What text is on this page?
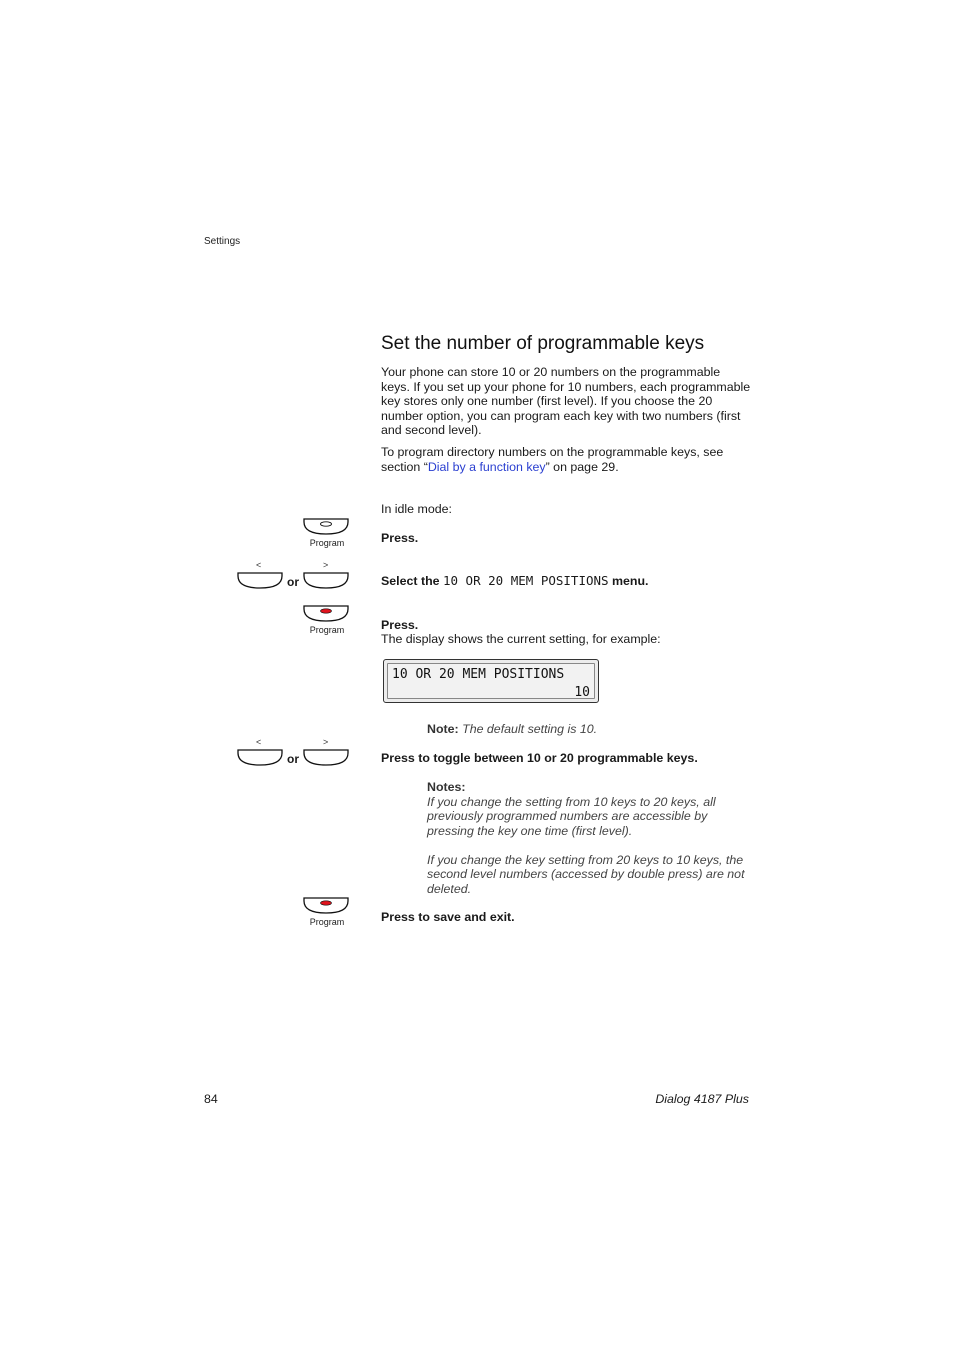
Settings
Set the number of programmable keys

Your phone can store 10 or 20 numbers on the programmable keys. If you set up your phone for 10 numbers, each programmable key stores only one number (first level). If you choose the 20 number option, you can program each key with two numbers (first and second level).

To program directory numbers on the programmable keys, see section “Dial by a function key” on page 29.

In idle mode:
Program	Press.
<	>
or	Select the 10 OR 20 MEM POSITIONS menu.
Program	Press.
The display shows the current setting, for example:
10 OR 20 MEM POSITIONS
10
Note: The default setting is 10.
<	>
or	Press to toggle between 10 or 20 programmable keys.
Notes:
If you change the setting from 10 keys to 20 keys, all previously programmed numbers are accessible by pressing the key one time (first level).
If you change the key setting from 20 keys to 10 keys, the second level numbers (accessed by double press) are not deleted.
Program	Press to save and exit.
84	Dialog 4187 Plus
